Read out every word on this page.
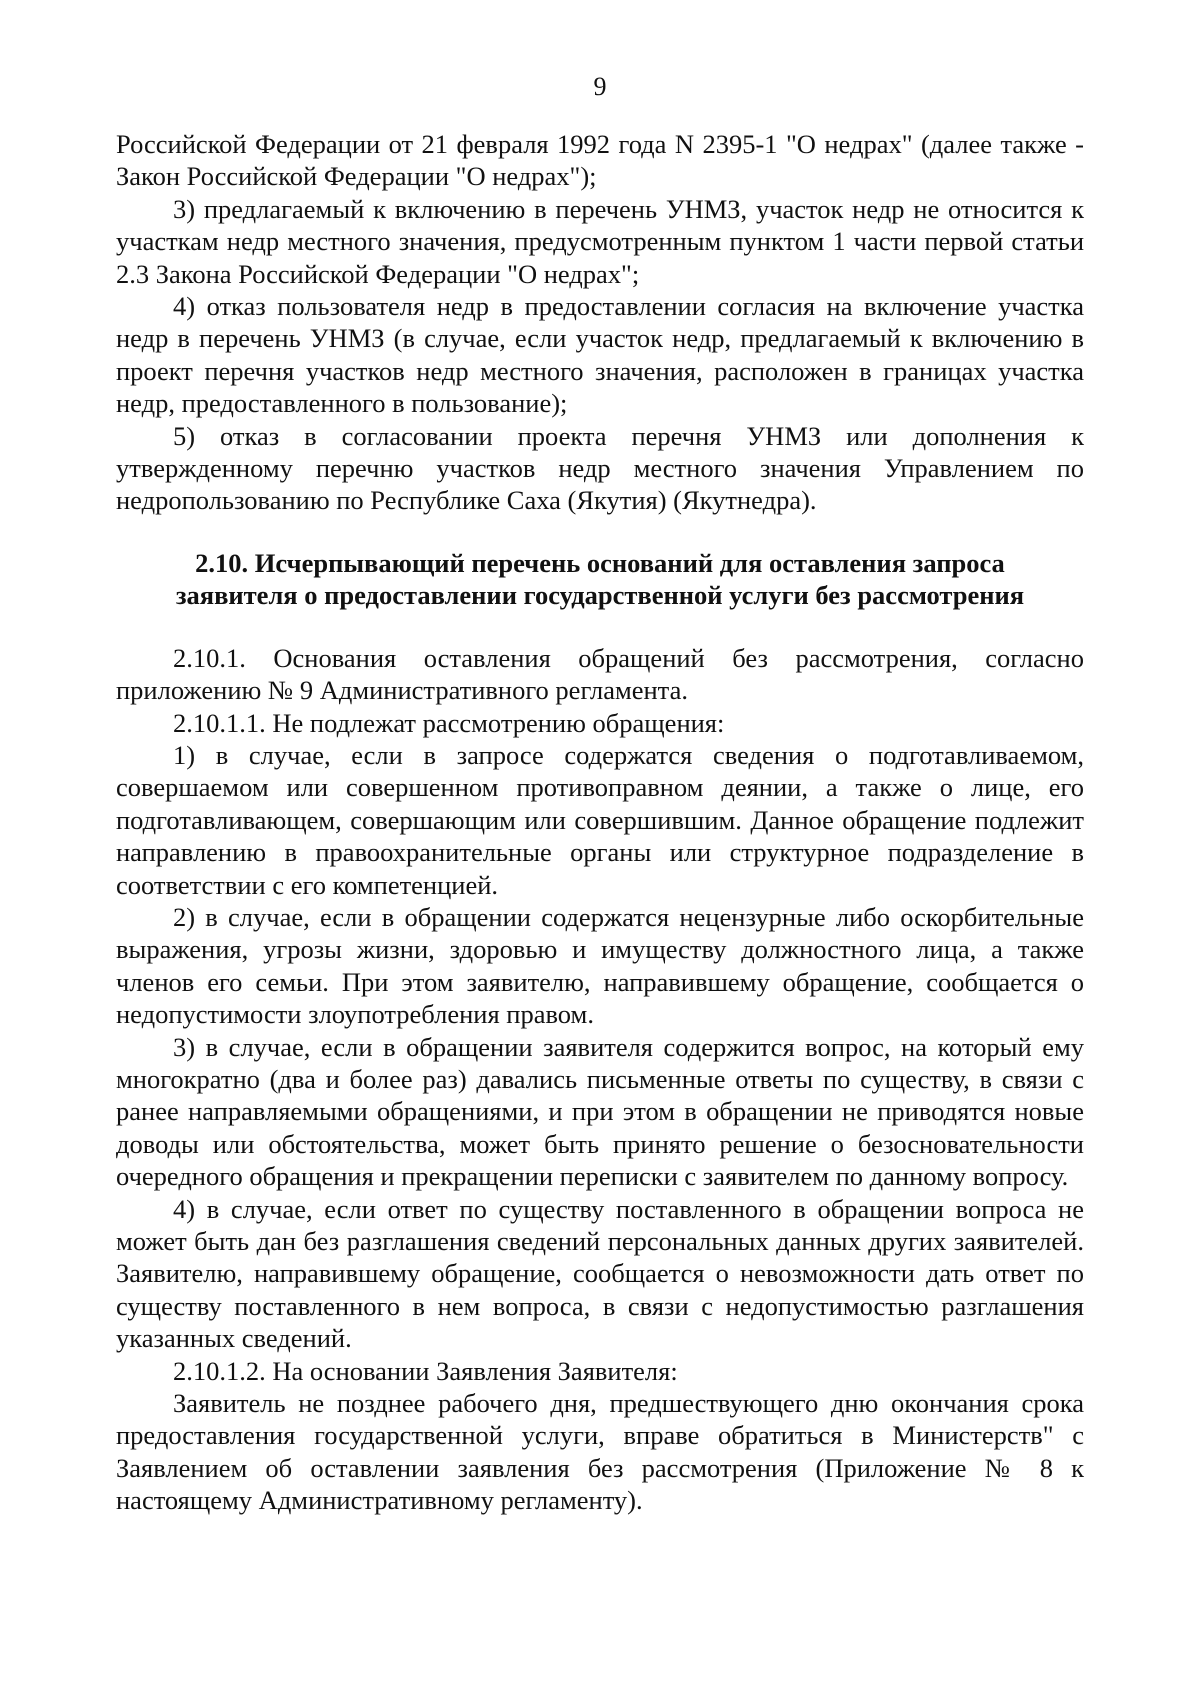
9

Российской Федерации от 21 февраля 1992 года N 2395-1 "О недрах" (далее также - Закон Российской Федерации "О недрах");

3) предлагаемый к включению в перечень УНМЗ, участок недр не относится к участкам недр местного значения, предусмотренным пунктом 1 части первой статьи 2.3 Закона Российской Федерации "О недрах";

4) отказ пользователя недр в предоставлении согласия на включение участка недр в перечень УНМЗ (в случае, если участок недр, предлагаемый к включению в проект перечня участков недр местного значения, расположен в границах участка недр, предоставленного в пользование);

5) отказ в согласовании проекта перечня УНМЗ или дополнения к утвержденному перечню участков недр местного значения Управлением по недропользованию по Республике Саха (Якутия) (Якутнедра).

2.10. Исчерпывающий перечень оснований для оставления запроса
заявителя о предоставлении государственной услуги без рассмотрения

2.10.1. Основания оставления обращений без рассмотрения, согласно приложению № 9 Административного регламента.

2.10.1.1. Не подлежат рассмотрению обращения:

1) в случае, если в запросе содержатся сведения о подготавливаемом, совершаемом или совершенном противоправном деянии, а также о лице, его подготавливающем, совершающим или совершившим. Данное обращение подлежит направлению в правоохранительные органы или структурное подразделение в соответствии с его компетенцией.

2) в случае, если в обращении содержатся нецензурные либо оскорбительные выражения, угрозы жизни, здоровью и имуществу должностного лица, а также членов его семьи. При этом заявителю, направившему обращение, сообщается о недопустимости злоупотребления правом.

3) в случае, если в обращении заявителя содержится вопрос, на который ему многократно (два и более раз) давались письменные ответы по существу, в связи с ранее направляемыми обращениями, и при этом в обращении не приводятся новые доводы или обстоятельства, может быть принято решение о безосновательности очередного обращения и прекращении переписки с заявителем по данному вопросу.

4) в случае, если ответ по существу поставленного в обращении вопроса не может быть дан без разглашения сведений персональных данных других заявителей. Заявителю, направившему обращение, сообщается о невозможности дать ответ по существу поставленного в нем вопроса, в связи с недопустимостью разглашения указанных сведений.

2.10.1.2. На основании Заявления Заявителя:

Заявитель не позднее рабочего дня, предшествующего дню окончания срока предоставления государственной услуги, вправе обратиться в Министерств" с Заявлением об оставлении заявления без рассмотрения (Приложение № 8 к настоящему Административному регламенту).
